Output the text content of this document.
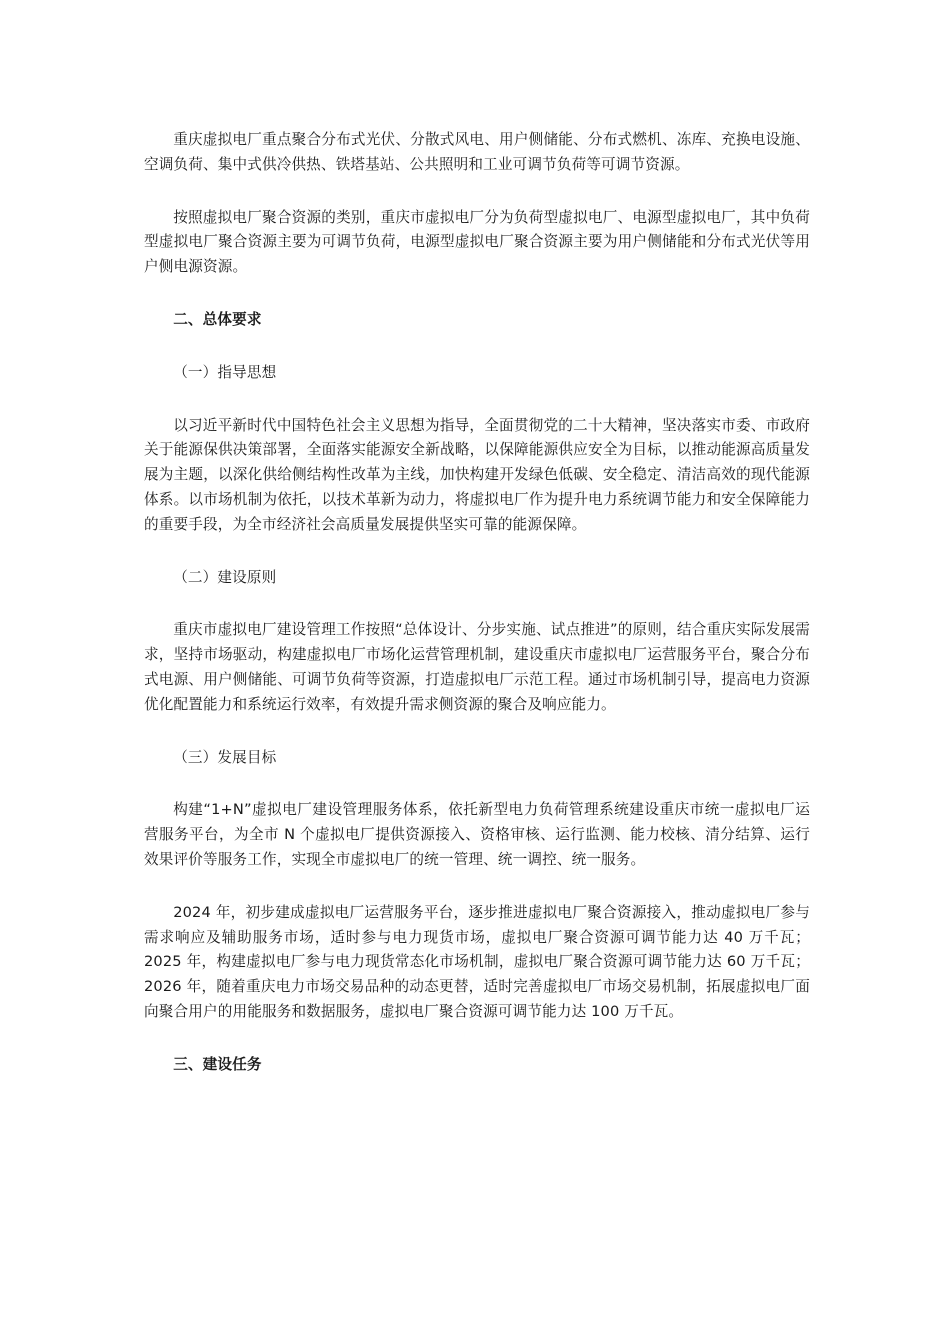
重庆虚拟电厂重点聚合分布式光伏、分散式风电、用户侧储能、分布式燃机、冻库、充换电设施、空调负荷、集中式供冷供热、铁塔基站、公共照明和工业可调节负荷等可调节资源。

按照虚拟电厂聚合资源的类别，重庆市虚拟电厂分为负荷型虚拟电厂、电源型虚拟电厂，其中负荷型虚拟电厂聚合资源主要为可调节负荷，电源型虚拟电厂聚合资源主要为用户侧储能和分布式光伏等用户侧电源资源。

二、总体要求

（一）指导思想

以习近平新时代中国特色社会主义思想为指导，全面贯彻党的二十大精神，坚决落实市委、市政府关于能源保供决策部署，全面落实能源安全新战略，以保障能源供应安全为目标，以推动能源高质量发展为主题，以深化供给侧结构性改革为主线，加快构建开发绿色低碳、安全稳定、清洁高效的现代能源体系。以市场机制为依托，以技术革新为动力，将虚拟电厂作为提升电力系统调节能力和安全保障能力的重要手段，为全市经济社会高质量发展提供坚实可靠的能源保障。

（二）建设原则

重庆市虚拟电厂建设管理工作按照“总体设计、分步实施、试点推进”的原则，结合重庆实际发展需求，坚持市场驱动，构建虚拟电厂市场化运营管理机制，建设重庆市虚拟电厂运营服务平台，聚合分布式电源、用户侧储能、可调节负荷等资源，打造虚拟电厂示范工程。通过市场机制引导，提高电力资源优化配置能力和系统运行效率，有效提升需求侧资源的聚合及响应能力。

（三）发展目标

构建“1+N”虚拟电厂建设管理服务体系，依托新型电力负荷管理系统建设重庆市统一虚拟电厂运营服务平台，为全市 N 个虚拟电厂提供资源接入、资格审核、运行监测、能力校核、清分结算、运行效果评价等服务工作，实现全市虚拟电厂的统一管理、统一调控、统一服务。

2024 年，初步建成虚拟电厂运营服务平台，逐步推进虚拟电厂聚合资源接入，推动虚拟电厂参与需求响应及辅助服务市场，适时参与电力现货市场，虚拟电厂聚合资源可调节能力达 40 万千瓦；2025 年，构建虚拟电厂参与电力现货常态化市场机制，虚拟电厂聚合资源可调节能力达 60 万千瓦；2026 年，随着重庆电力市场交易品种的动态更替，适时完善虚拟电厂市场交易机制，拓展虚拟电厂面向聚合用户的用能服务和数据服务，虚拟电厂聚合资源可调节能力达 100 万千瓦。

三、建设任务
